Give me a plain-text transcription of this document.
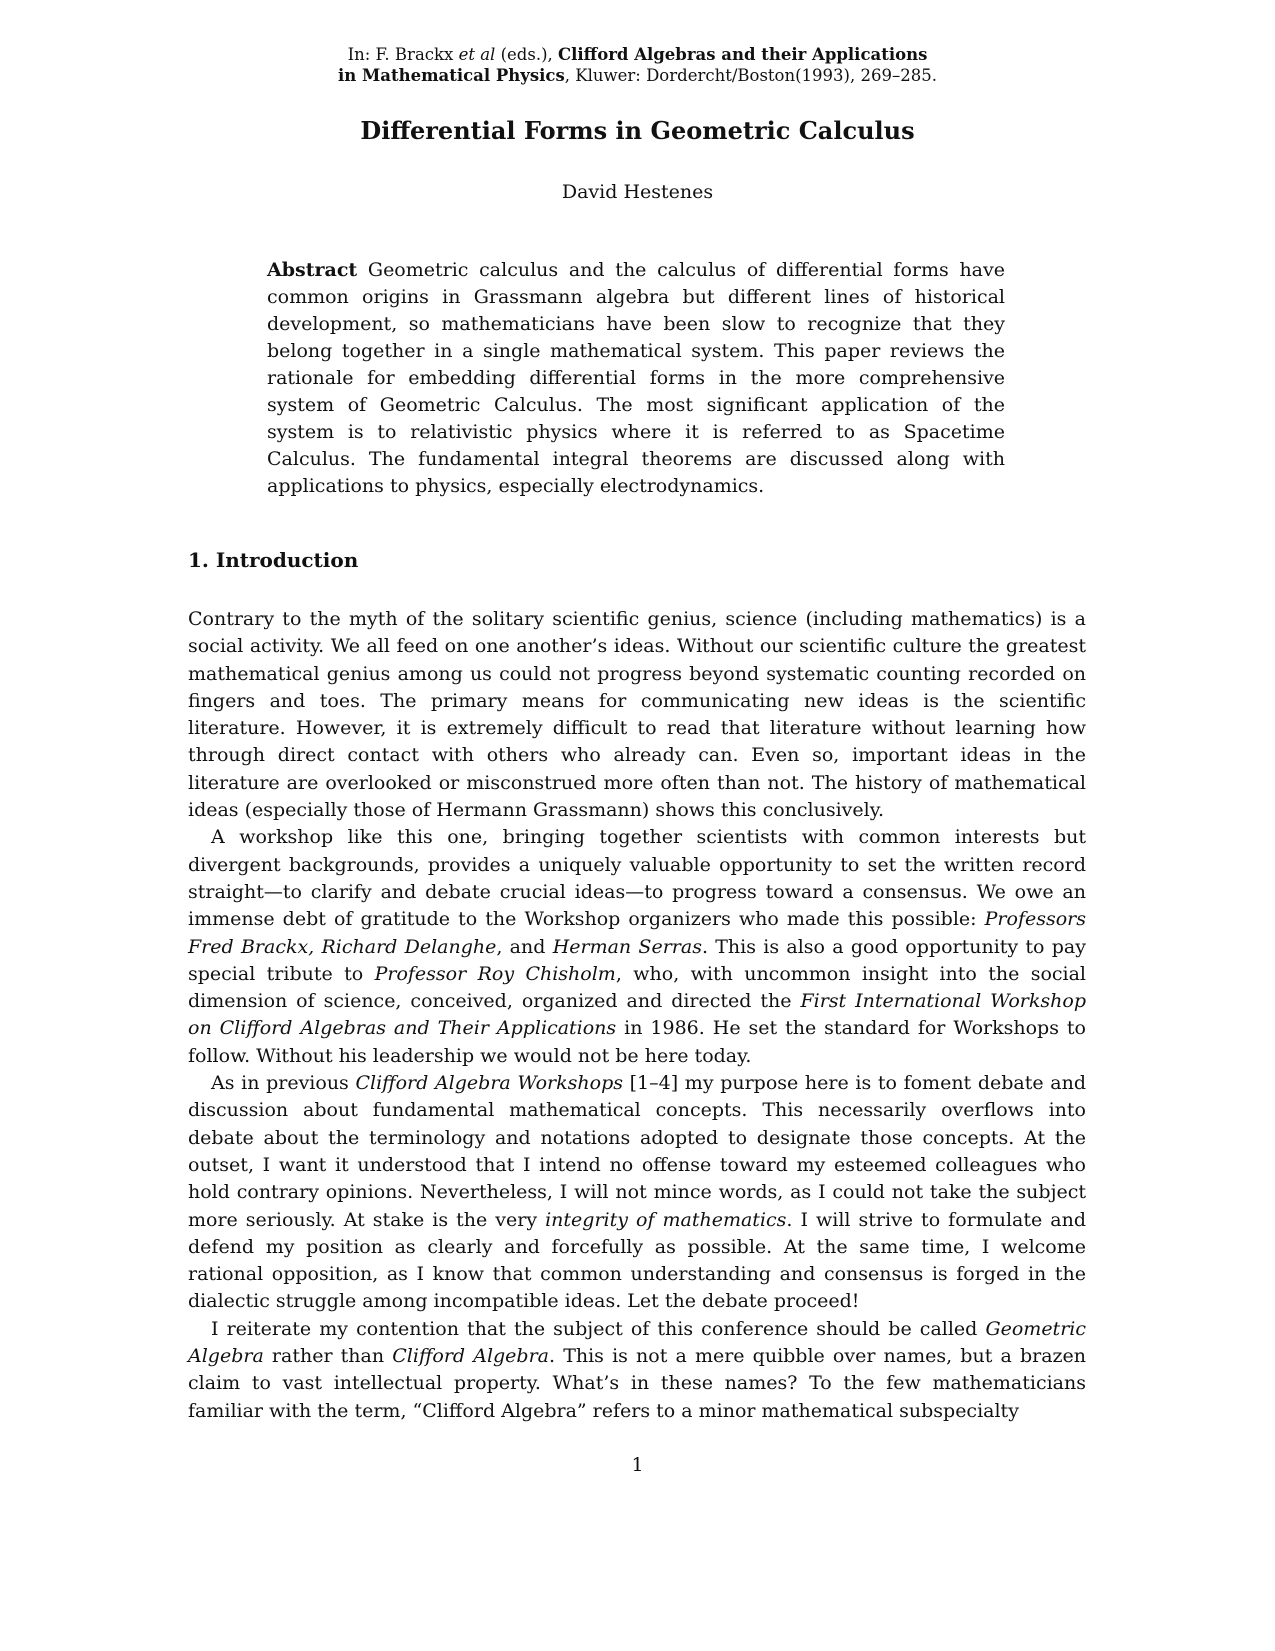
In: F. Brackx et al (eds.), Clifford Algebras and their Applications
in Mathematical Physics, Kluwer: Dordercht/Boston(1993), 269–285.
Differential Forms in Geometric Calculus
David Hestenes
Abstract Geometric calculus and the calculus of differential forms have common origins in Grassmann algebra but different lines of historical development, so mathematicians have been slow to recognize that they belong together in a single mathematical system. This paper reviews the rationale for embedding differential forms in the more comprehensive system of Geometric Calculus. The most significant application of the system is to relativistic physics where it is referred to as Spacetime Calculus. The fundamental integral theorems are discussed along with applications to physics, especially electrodynamics.
1. Introduction

Contrary to the myth of the solitary scientific genius, science (including mathematics) is a social activity. We all feed on one another’s ideas. Without our scientific culture the greatest mathematical genius among us could not progress beyond systematic counting recorded on fingers and toes. The primary means for communicating new ideas is the scientific literature. However, it is extremely difficult to read that literature without learning how through direct contact with others who already can. Even so, important ideas in the literature are overlooked or misconstrued more often than not. The history of mathematical ideas (especially those of Hermann Grassmann) shows this conclusively.

A workshop like this one, bringing together scientists with common interests but divergent backgrounds, provides a uniquely valuable opportunity to set the written record straight—to clarify and debate crucial ideas—to progress toward a consensus. We owe an immense debt of gratitude to the Workshop organizers who made this possible: Professors Fred Brackx, Richard Delanghe, and Herman Serras. This is also a good opportunity to pay special tribute to Professor Roy Chisholm, who, with uncommon insight into the social dimension of science, conceived, organized and directed the First International Workshop on Clifford Algebras and Their Applications in 1986. He set the standard for Workshops to follow. Without his leadership we would not be here today.

As in previous Clifford Algebra Workshops [1–4] my purpose here is to foment debate and discussion about fundamental mathematical concepts. This necessarily overflows into debate about the terminology and notations adopted to designate those concepts. At the outset, I want it understood that I intend no offense toward my esteemed colleagues who hold contrary opinions. Nevertheless, I will not mince words, as I could not take the subject more seriously. At stake is the very integrity of mathematics. I will strive to formulate and defend my position as clearly and forcefully as possible. At the same time, I welcome rational opposition, as I know that common understanding and consensus is forged in the dialectic struggle among incompatible ideas. Let the debate proceed!

I reiterate my contention that the subject of this conference should be called Geometric Algebra rather than Clifford Algebra. This is not a mere quibble over names, but a brazen claim to vast intellectual property. What’s in these names? To the few mathematicians familiar with the term, “Clifford Algebra” refers to a minor mathematical subspecialty

1
